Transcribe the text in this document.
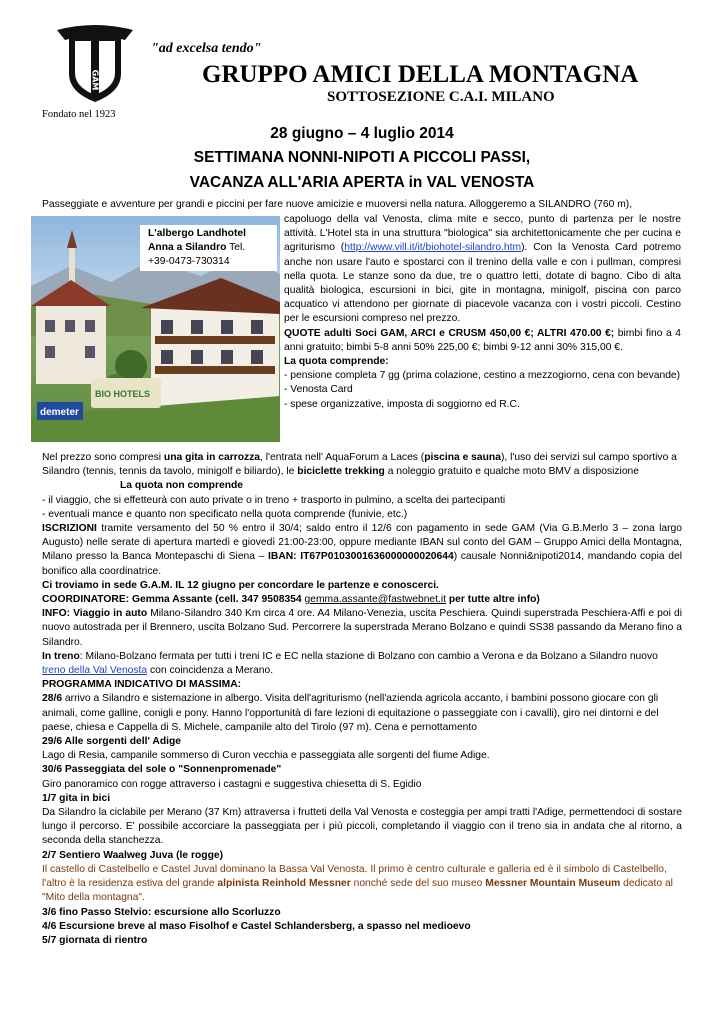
GAM
"ad excelsa tendo"
GRUPPO AMICI DELLA MONTAGNA
SOTTOSEZIONE C.A.I. MILANO
Fondato nel 1923
28 giugno – 4 luglio 2014
SETTIMANA NONNI-NIPOTI A PICCOLI PASSI,
VACANZA ALL'ARIA APERTA in VAL VENOSTA
Passeggiate e avventure per grandi e piccini per fare nuove amicizie e muoversi nella natura. Alloggeremo a SILANDRO (760 m),
demeter
BIO HOTELS
L'albergo Landhotel
Anna a Silandro Tel.
+39-0473-730314

capoluogo della val Venosta, clima mite e secco, punto di partenza per le nostre attività. L'Hotel sta in una struttura "biologica" sia architettonicamente che per cucina e agriturismo (http://www.vill.it/it/biohotel-silandro.htm). Con la Venosta Card potremo anche non usare l'auto e spostarci con il trenino della valle e con i pullman, compresi nella quota. Le stanze sono da due, tre o quattro letti, dotate di bagno. Cibo di alta qualità biologica, escursioni in bici, gite in montagna, minigolf, piscina con parco acquatico vi attendono per giornate di piacevole vacanza con i vostri piccoli. Cestino per le escursioni compreso nel prezzo.

QUOTE adulti Soci GAM, ARCI e CRUSM 450,00 €; ALTRI 470.00 €; bimbi fino a 4 anni gratuito; bimbi 5-8 anni 50% 225,00 €; bimbi 9-12 anni 30% 315,00 €.

La quota comprende:

- pensione completa 7 gg (prima colazione, cestino a mezzogiorno, cena con bevande)

- Venosta Card

- spese organizzative, imposta di soggiorno ed R.C.

Nel prezzo sono compresi una gita in carrozza, l'entrata nell' AquaForum a Laces (piscina e sauna), l'uso dei servizi sul campo sportivo a Silandro (tennis, tennis da tavolo, minigolf e biliardo), le biciclette trekking a noleggio gratuito e qualche moto BMV a disposizioneLa quota non comprende

- il viaggio, che si effetteurà con auto private o in treno + trasporto in pulmino, a scelta dei partecipanti

- eventuali mance e quanto non specificato nella quota comprende (funivie, etc.)

ISCRIZIONI tramite versamento del 50 % entro il 30/4; saldo entro il 12/6 con pagamento in sede GAM (Via G.B.Merlo 3 – zona largo Augusto) nelle serate di apertura martedì e giovedì 21:00-23:00, oppure mediante IBAN sul conto del GAM – Gruppo Amici della Montagna, Milano presso la Banca Montepaschi di Siena – IBAN: IT67P0103001636000000020644) causale Nonni&nipoti2014, mandando copia del bonifico alla coordinatrice.

Ci troviamo in sede G.A.M. IL 12 giugno per concordare le partenze e conoscerci.

COORDINATORE: Gemma Assante (cell. 347 9508354 gemma.assante@fastwebnet.it per tutte altre info)

INFO: Viaggio in auto Milano-Silandro 340 Km circa 4 ore. A4 Milano-Venezia, uscita Peschiera. Quindi superstrada Peschiera-Affi e poi di nuovo autostrada per il Brennero, uscita Bolzano Sud. Percorrere la superstrada Merano Bolzano e quindi SS38 passando da Merano fino a Silandro.

In treno: Milano-Bolzano fermata per tutti i treni IC e EC nella stazione di Bolzano con cambio a Verona e da Bolzano a Silandro nuovo treno della Val Venosta con coincidenza a Merano.

PROGRAMMA INDICATIVO DI MASSIMA:

28/6 arrivo a Silandro e sistemazione in albergo. Visita dell'agriturismo (nell'azienda agricola accanto, i bambini possono giocare con gli animali, come galline, conigli e pony. Hanno l'opportunità di fare lezioni di equitazione o passeggiate con i cavalli), giro nei dintorni e del paese, chiesa e Cappella di S. Michele, campanile alto del Tirolo (97 m). Cena e pernottamento

29/6 Alle sorgenti dell' Adige

Lago di Resia, campanile sommerso di Curon vecchia e passeggiata alle sorgenti del fiume Adige.

30/6 Passeggiata del sole o "Sonnenpromenade"

Giro panoramico con rogge attraverso i castagni e suggestiva chiesetta di S. Egidio

1/7 gita in bici

Da Silandro la ciclabile per Merano (37 Km) attraversa i frutteti della Val Venosta e costeggia per ampi tratti l'Adige, permettendoci di sostare lungo il percorso. E' possibile accorciare la passeggiata per i più piccoli, completando il viaggio con il treno sia in andata che al ritorno, a seconda della stanchezza.

2/7 Sentiero Waalweg Juva (le rogge)

Il castello di Castelbello e Castel Juval dominano la Bassa Val Venosta. Il primo è centro culturale e galleria ed è il simbolo di Castelbello, l'altro è la residenza estiva del grande alpinista Reinhold Messner nonché sede del suo museo Messner Mountain Museum dedicato al "Mito della montagna".

3/6 fino Passo Stelvio: escursione allo Scorluzzo

4/6 Escursione breve al maso Fisolhof e Castel Schlandersberg, a spasso nel medioevo

5/7 giornata di rientro
